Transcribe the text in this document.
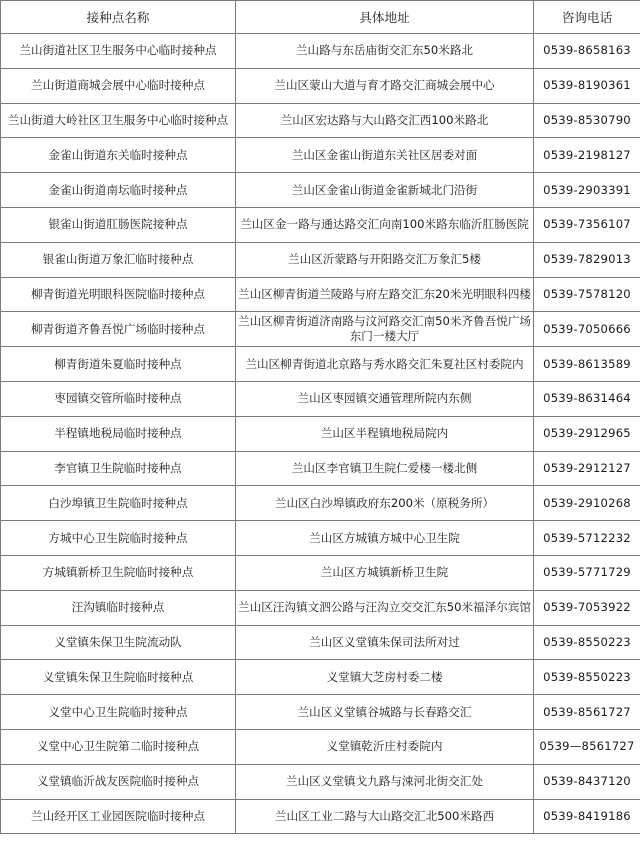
接种点名称	具体地址	咨询电话
兰山街道社区卫生服务中心临时接种点	兰山路与东岳庙街交汇东50米路北	0539-8658163
兰山街道商城会展中心临时接种点	兰山区蒙山大道与育才路交汇商城会展中心	0539-8190361
兰山街道大岭社区卫生服务中心临时接种点	兰山区宏达路与大山路交汇西100米路北	0539-8530790
金雀山街道东关临时接种点	兰山区金雀山街道东关社区居委对面	0539-2198127
金雀山街道南坛临时接种点	兰山区金雀山街道金雀新城北门沿街	0539-2903391
银雀山街道肛肠医院接种点	兰山区金一路与通达路交汇向南100米路东临沂肛肠医院	0539-7356107
银雀山街道万象汇临时接种点	兰山区沂蒙路与开阳路交汇万象汇5楼	0539-7829013
柳青街道光明眼科医院临时接种点	兰山区柳青街道兰陵路与府左路交汇东20米光明眼科四楼	0539-7578120
柳青街道齐鲁吾悦广场临时接种点	兰山区柳青街道济南路与汶河路交汇南50米齐鲁吾悦广场东门一楼大厅	0539-7050666
柳青街道朱夏临时接种点	兰山区柳青街道北京路与秀水路交汇朱夏社区村委院内	0539-8613589
枣园镇交管所临时接种点	兰山区枣园镇交通管理所院内东侧	0539-8631464
半程镇地税局临时接种点	兰山区半程镇地税局院内	0539-2912965
李官镇卫生院临时接种点	兰山区李官镇卫生院仁爱楼一楼北侧	0539-2912127
白沙埠镇卫生院临时接种点	兰山区白沙埠镇政府东200米（原税务所）	0539-2910268
方城中心卫生院临时接种点	兰山区方城镇方城中心卫生院	0539-5712232
方城镇新桥卫生院临时接种点	兰山区方城镇新桥卫生院	0539-5771729
汪沟镇临时接种点	兰山区汪沟镇文泗公路与汪沟立交交汇东50米福泽尔宾馆	0539-7053922
义堂镇朱保卫生院流动队	兰山区义堂镇朱保司法所对过	0539-8550223
义堂镇朱保卫生院临时接种点	义堂镇大芝房村委二楼	0539-8550223
义堂中心卫生院临时接种点	兰山区义堂镇谷城路与长春路交汇	0539-8561727
义堂中心卫生院第二临时接种点	义堂镇乾沂庄村委院内	0539—8561727
义堂镇临沂战友医院临时接种点	兰山区义堂镇戈九路与涑河北街交汇处	0539-8437120
兰山经开区工业园医院临时接种点	兰山区工业二路与大山路交汇北500米路西	0539-8419186
